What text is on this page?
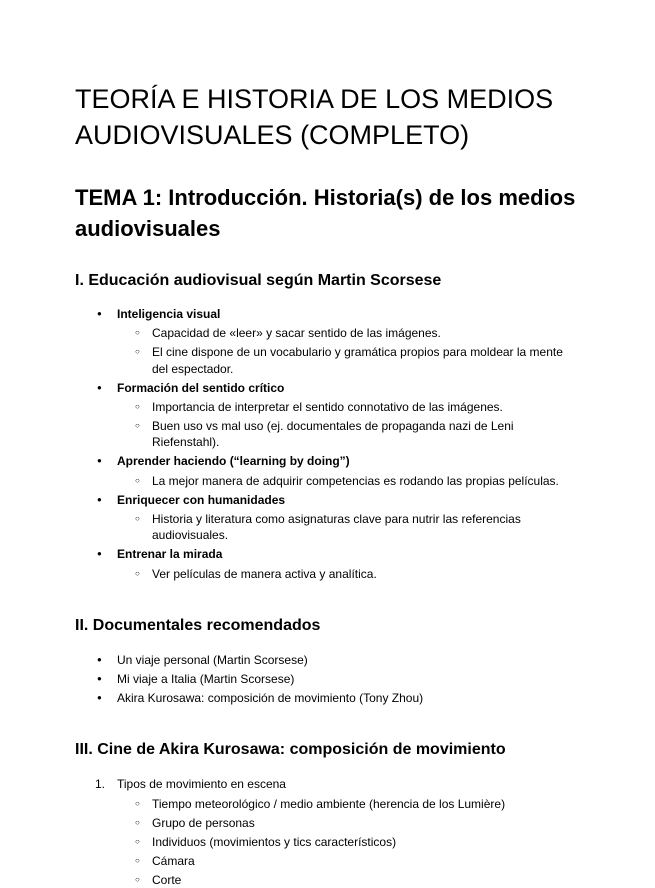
TEORÍA E HISTORIA DE LOS MEDIOS AUDIOVISUALES (COMPLETO)
TEMA 1: Introducción. Historia(s) de los medios audiovisuales
I. Educación audiovisual según Martin Scorsese
●	Inteligencia visual
○	Capacidad de «leer» y sacar sentido de las imágenes.
○	El cine dispone de un vocabulario y gramática propios para moldear la mente del espectador.
●	Formación del sentido crítico
○	Importancia de interpretar el sentido connotativo de las imágenes.
○	Buen uso vs mal uso (ej. documentales de propaganda nazi de Leni Riefenstahl).
●	Aprender haciendo (“learning by doing”)
○	La mejor manera de adquirir competencias es rodando las propias películas.
●	Enriquecer con humanidades
○	Historia y literatura como asignaturas clave para nutrir las referencias audiovisuales.
●	Entrenar la mirada
○	Ver películas de manera activa y analítica.
II. Documentales recomendados
●	Un viaje personal (Martin Scorsese)
●	Mi viaje a Italia (Martin Scorsese)
●	Akira Kurosawa: composición de movimiento (Tony Zhou)
III. Cine de Akira Kurosawa: composición de movimiento
1. Tipos de movimiento en escena
○	Tiempo meteorológico / medio ambiente (herencia de los Lumière)
○	Grupo de personas
○	Individuos (movimientos y tics característicos)
○	Cámara
○	Corte
